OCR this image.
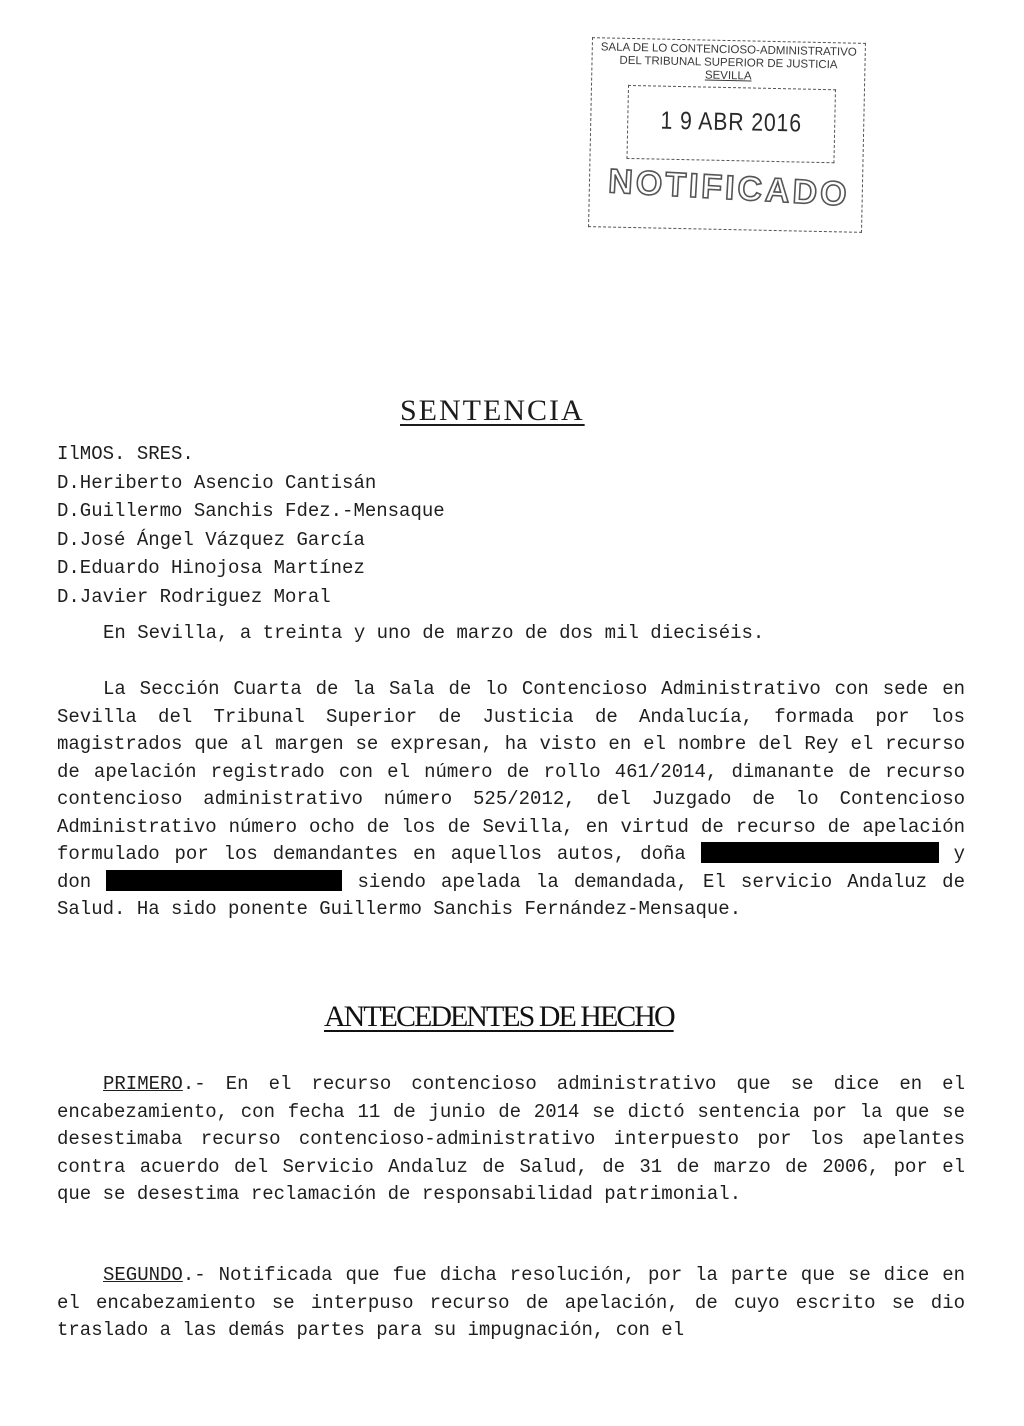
SALA DE LO CONTENCIOSO-ADMINISTRATIVO
DEL TRIBUNAL SUPERIOR DE JUSTICIA
SEVILLA
1 9 ABR 2016
NOTIFICADO
SENTENCIA
IlMOS. SRES.
D.Heriberto Asencio Cantisán
D.Guillermo Sanchis Fdez.-Mensaque
D.José Ángel Vázquez García
D.Eduardo Hinojosa Martínez
D.Javier Rodriguez Moral
En Sevilla, a treinta y uno de marzo de dos mil dieciséis.
La Sección Cuarta de la Sala de lo Contencioso Administrativo con sede en Sevilla del Tribunal Superior de Justicia de Andalucía, formada por los magistrados que al margen se expresan, ha visto en el nombre del Rey el recurso de apelación registrado con el número de rollo 461/2014, dimanante de recurso contencioso administrativo número 525/2012, del Juzgado de lo Contencioso Administrativo número ocho de los de Sevilla, en virtud de recurso de apelación formulado por los demandantes en aquellos autos, doña	y don	siendo apelada la demandada, El servicio Andaluz de Salud. Ha sido ponente Guillermo Sanchis Fernández-Mensaque.
ANTECEDENTES DE HECHO
PRIMERO.- En el recurso contencioso administrativo que se dice en el encabezamiento, con fecha 11 de junio de 2014 se dictó sentencia por la que se desestimaba recurso contencioso-administrativo interpuesto por los apelantes contra acuerdo del Servicio Andaluz de Salud, de 31 de marzo de 2006, por el que se desestima reclamación de responsabilidad patrimonial.
SEGUNDO.- Notificada que fue dicha resolución, por la parte que se dice en el encabezamiento se interpuso recurso de apelación, de cuyo escrito se dio traslado a las demás partes para su impugnación, con el
